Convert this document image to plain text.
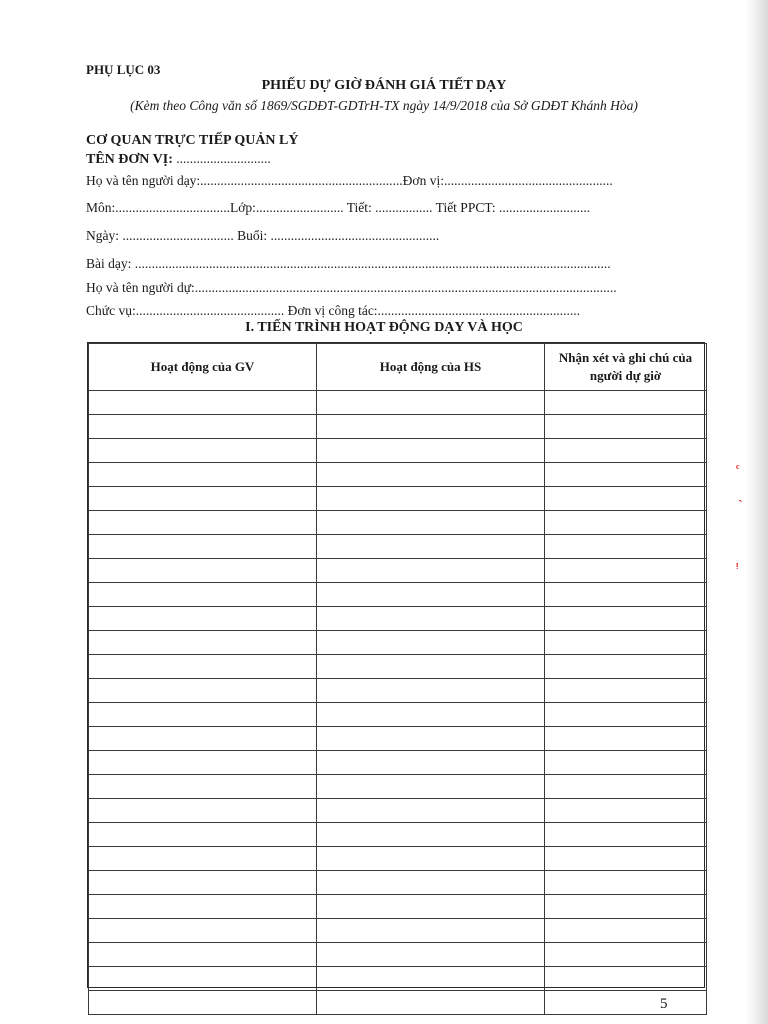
ᶜ
ˎ
ᵎ
PHỤ LỤC 03
PHIẾU DỰ GIỜ ĐÁNH GIÁ TIẾT DẠY
(Kèm theo Công văn số 1869/SGDĐT-GDTrH-TX ngày 14/9/2018 của Sở GDĐT Khánh Hòa)
CƠ QUAN TRỰC TIẾP QUẢN LÝ
TÊN ĐƠN VỊ: ............................
Họ và tên người dạy:............................................................Đơn vị:..................................................
Môn:..................................Lớp:.......................... Tiết: ................. Tiết PPCT: ...........................
Ngày: ................................. Buổi: ..................................................
Bài dạy: .............................................................................................................................................
Họ và tên người dự:.............................................................................................................................
Chức vụ:............................................ Đơn vị công tác:............................................................
I. TIẾN TRÌNH HOẠT ĐỘNG DẠY VÀ HỌC
Hoạt động của GV	Hoạt động của HS	Nhận xét và ghi chú của người dự giờ

5
